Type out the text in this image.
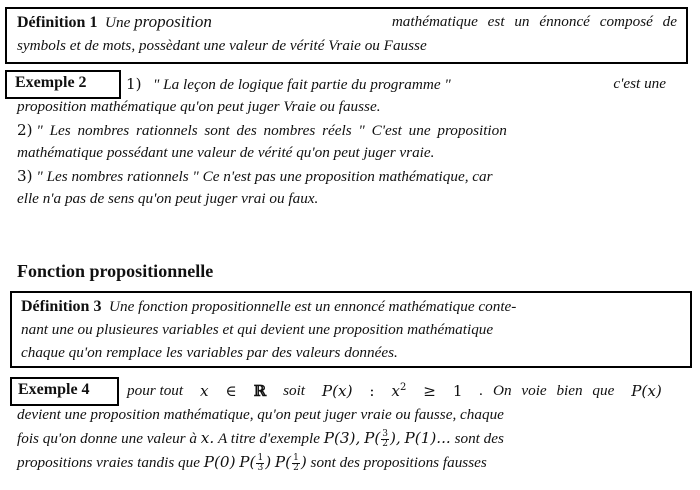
Définition 1 Une proposition	mathématique est un énnoncé composé de
symbols et de mots, possèdant une valeur de vérité Vraie ou Fausse
Exemple 2	1) " La leçon de logique fait partie du programme "	c'est une
proposition mathématique qu'on peut juger Vraie ou fausse.
2) " Les nombres rationnels sont des nombres réels " C'est une proposition
mathématique possédant une valeur de vérité qu'on peut juger vraie.
3) " Les nombres rationnels " Ce n'est pas une proposition mathématique, car
elle n'a pas de sens qu'on peut juger vrai ou faux.
Fonction propositionnelle
Définition 3 Une fonction propositionnelle est un ennoncé mathématique conte-
nant une ou plusieures variables et qui devient une proposition mathématique
chaque qu'on remplace les variables par des valeurs données.
Exemple 4 pour tout x ∈ ℝ soit P(x) : $x^2 \ge 1$ . On voie bien que P(x)
devient une proposition mathématique, qu'on peut juger vraie ou fausse, chaque
fois qu'on donne une valeur à x. A titre d'exemple P(3), $P( \frac{3}{2}$ ), P(1)... sont des
propositions vraies tandis que P(0) $P( \frac{1}{3}$ ) $P( \frac{1}{2}$ ) sont des propositions fausses
